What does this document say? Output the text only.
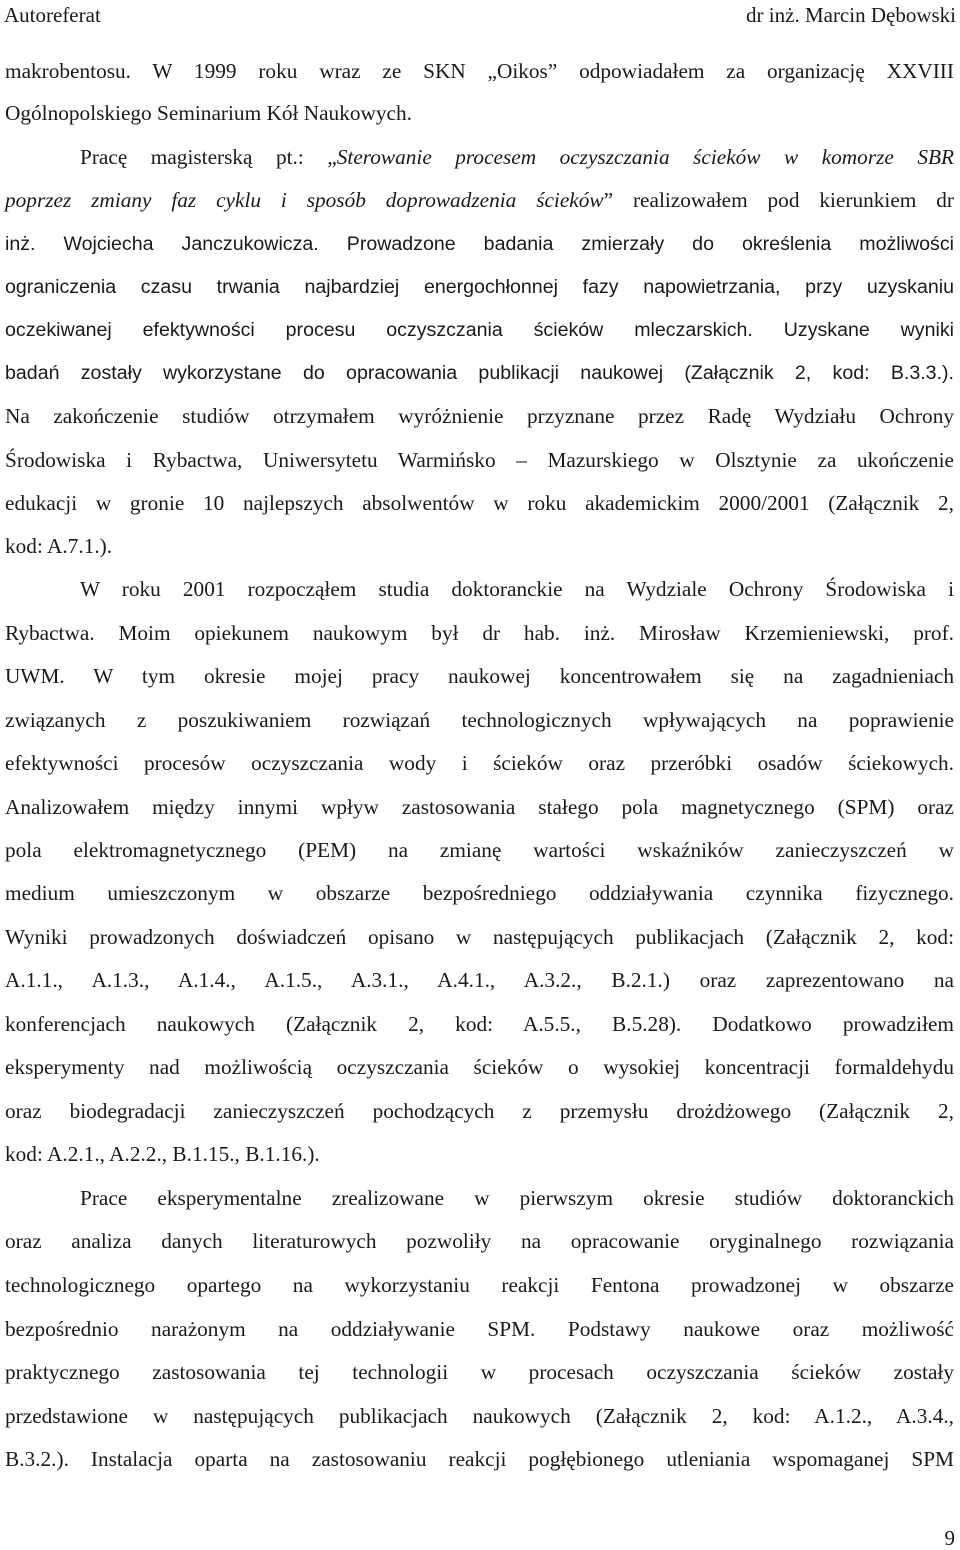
Autoreferat	dr inż. Marcin Dębowski
makrobentosu. W 1999 roku wraz ze SKN „Oikos” odpowiadałem za organizację XXVIII
Ogólnopolskiego Seminarium Kół Naukowych.
Pracę magisterską pt.: „Sterowanie procesem oczyszczania ścieków w komorze SBR
poprzez zmiany faz cyklu i sposób doprowadzenia ścieków” realizowałem pod kierunkiem dr
inż. Wojciecha Janczukowicza. Prowadzone badania zmierzały do określenia możliwości
ograniczenia czasu trwania najbardziej energochłonnej fazy napowietrzania, przy uzyskaniu
oczekiwanej efektywności procesu oczyszczania ścieków mleczarskich. Uzyskane wyniki
badań zostały wykorzystane do opracowania publikacji naukowej (Załącznik 2, kod: B.3.3.).
Na zakończenie studiów otrzymałem wyróżnienie przyznane przez Radę Wydziału Ochrony
Środowiska i Rybactwa, Uniwersytetu Warmińsko – Mazurskiego w Olsztynie za ukończenie
edukacji w gronie 10 najlepszych absolwentów w roku akademickim 2000/2001 (Załącznik 2,
kod: A.7.1.).
W roku 2001 rozpocząłem studia doktoranckie na Wydziale Ochrony Środowiska i
Rybactwa. Moim opiekunem naukowym był dr hab. inż. Mirosław Krzemieniewski, prof.
UWM. W tym okresie mojej pracy naukowej koncentrowałem się na zagadnieniach
związanych z poszukiwaniem rozwiązań technologicznych wpływających na poprawienie
efektywności procesów oczyszczania wody i ścieków oraz przeróbki osadów ściekowych.
Analizowałem między innymi wpływ zastosowania stałego pola magnetycznego (SPM) oraz
pola elektromagnetycznego (PEM) na zmianę wartości wskaźników zanieczyszczeń w
medium umieszczonym w obszarze bezpośredniego oddziaływania czynnika fizycznego.
Wyniki prowadzonych doświadczeń opisano w następujących publikacjach (Załącznik 2, kod:
A.1.1., A.1.3., A.1.4., A.1.5., A.3.1., A.4.1., A.3.2., B.2.1.) oraz zaprezentowano na
konferencjach naukowych (Załącznik 2, kod: A.5.5., B.5.28). Dodatkowo prowadziłem
eksperymenty nad możliwością oczyszczania ścieków o wysokiej koncentracji formaldehydu
oraz biodegradacji zanieczyszczeń pochodzących z przemysłu drożdżowego (Załącznik 2,
kod: A.2.1., A.2.2., B.1.15., B.1.16.).
Prace eksperymentalne zrealizowane w pierwszym okresie studiów doktoranckich
oraz analiza danych literaturowych pozwoliły na opracowanie oryginalnego rozwiązania
technologicznego opartego na wykorzystaniu reakcji Fentona prowadzonej w obszarze
bezpośrednio narażonym na oddziaływanie SPM. Podstawy naukowe oraz możliwość
praktycznego zastosowania tej technologii w procesach oczyszczania ścieków zostały
przedstawione w następujących publikacjach naukowych (Załącznik 2, kod: A.1.2., A.3.4.,
B.3.2.). Instalacja oparta na zastosowaniu reakcji pogłębionego utleniania wspomaganej SPM
9
